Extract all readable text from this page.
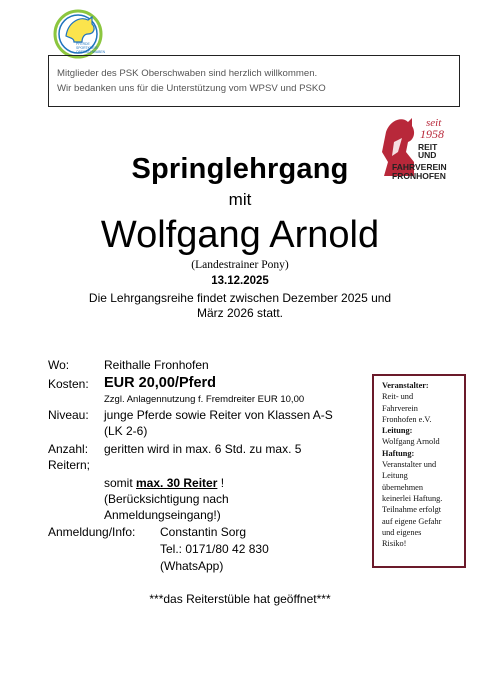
PFERDE
SPORTKREIS
OBERSCHWABEN

Mitglieder des PSK Oberschwaben sind herzlich willkommen.

Wir bedanken uns für die Unterstützung vom WPSV und PSKO

seit
1958
REIT
UND
FAHRVEREIN
FRONHOFEN
Springlehrgang
mit
Wolfgang Arnold
(Landestrainer Pony)
13.12.2025
Die Lehrgangsreihe findet zwischen Dezember 2025 und
März 2026 statt.
Wo:	Reithalle Fronhofen
Kosten: EUR 20,00/Pferd
Zzgl. Anlagennutzung f. Fremdreiter EUR 10,00
Niveau: junge Pferde sowie Reiter von Klassen A-S
(LK 2-6)
Anzahl: geritten wird in max. 6 Std. zu max. 5
Reitern;
somit max. 30 Reiter !
(Berücksichtigung nach
Anmeldungseingang!)
Anmeldung/Info: Constantin Sorg
Tel.: 0171/80 42 830
(WhatsApp)
Veranstalter:
Reit- und
Fahrverein
Fronhofen e.V.
Leitung:
Wolfgang Arnold
Haftung:
Veranstalter und
Leitung
übernehmen
keinerlei Haftung.
Teilnahme erfolgt
auf eigene Gefahr
und eigenes
Risiko!
***das Reiterstüble hat geöffnet***
